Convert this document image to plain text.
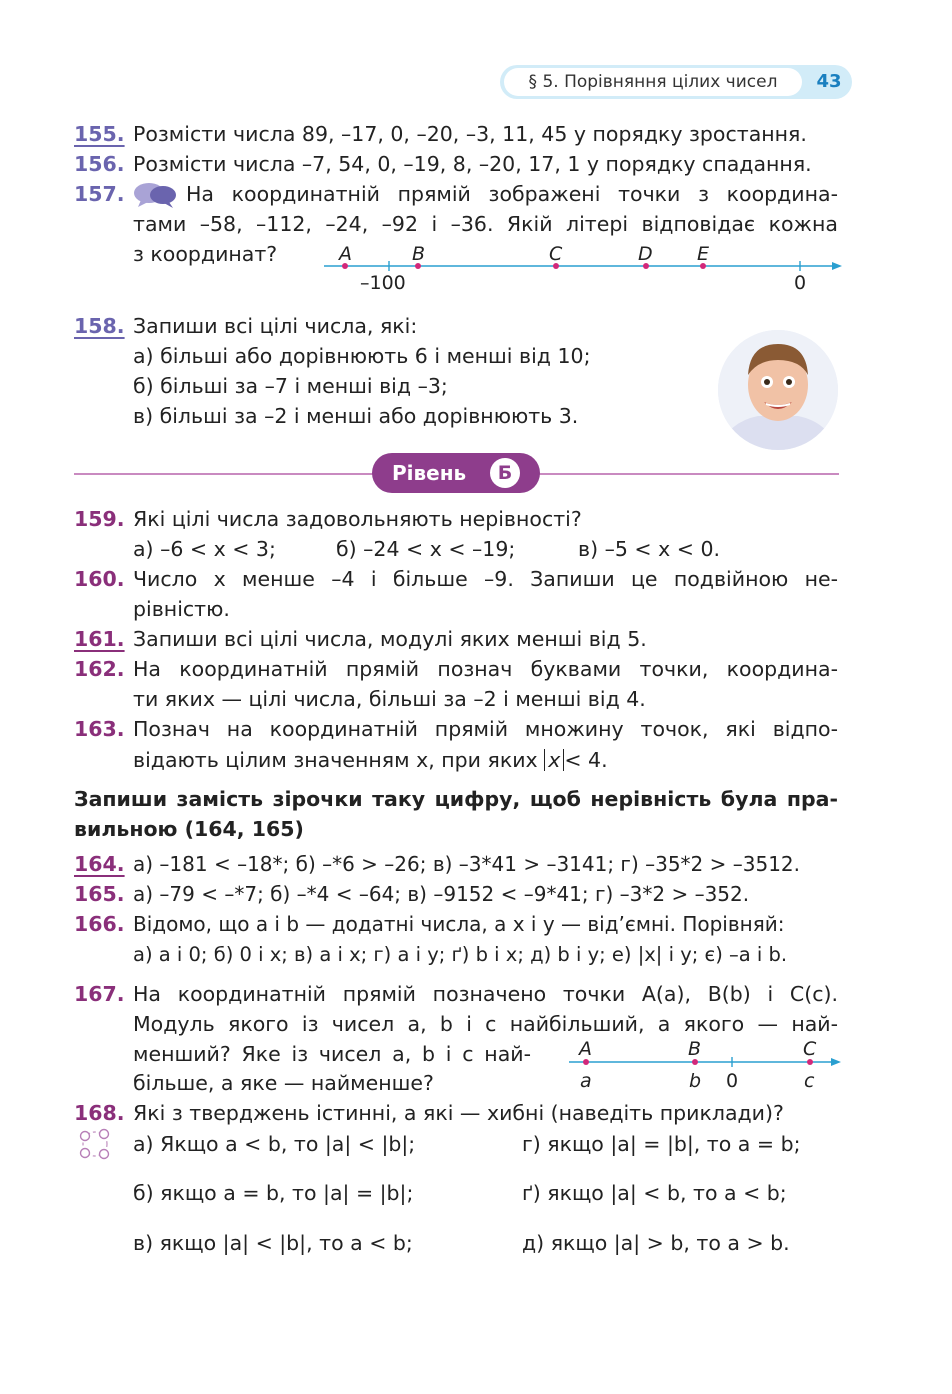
§ 5. Порівняння цілих чисел	43
155. Розмісти числа 89, –17, 0, –20, –3, 11, 45 у порядку зростання.
156. Розмісти числа –7, 54, 0, –19, 8, –20, 17, 1 у порядку спадання.
157.	На координатній прямій зображені точки з координа-
тами –58, –112, –24, –92 і –36. Якій літері відповідає кожна
з координат?	A	B	C	D E
–100	0
158. Запиши всі цілі числа, які:
а) більші або дорівнюють 6 і менші від 10;
б) більші за –7 і менші від –3;
в) більші за –2 і менші або дорівнюють 3.
Рівень	Б
159. Які цілі числа задовольняють нерівності?
а) –6 < x < 3;	б) –24 < x < –19;	в) –5 < x < 0.
160. Число x менше –4 і більше –9. Запиши це подвійною не-
рівністю.
161. Запиши всі цілі числа, модулі яких менші від 5.
162. На координатній прямій познач буквами точки, координа-
ти яких — цілі числа, більші за –2 і менші від 4.
163. Познач на координатній прямій множину точок, які відпо-
відають цілим значенням x, при яких x < 4.
Запиши замість зірочки таку цифру, щоб нерівність була пра-
вильною (164, 165)
164. а) –181 < –18*; б) –*6 > –26; в) –3*41 > –3141; г) –35*2 > –3512.
165. а) –79 < –*7; б) –*4 < –64; в) –9152 < –9*41; г) –3*2 > –352.
166. Відомо, що a і b — додатні числа, а x і y — від’ємні. Порівняй:
а) a і 0; б) 0 і x; в) a і x; г) a і y; ґ) b і x; д) b і y; е) |x| і y; є) –a і b.
167. На координатній прямій позначено точки A(a), B(b) і C(c).
Модуль якого із чисел a, b і c найбільший, а якого — най-
менший? Яке із чисел a, b і c най-
більше, а яке — найменше?
A	B	C
a	b 0	c
168. Які з тверджень істинні, а які — хибні (наведіть приклади)?
а) Якщо a < b, то |a| < |b|;
б) якщо a = b, то |a| = |b|;
в) якщо |a| < |b|, то a < b;
г) якщо |a| = |b|, то a = b;
ґ) якщо |a| < b, то a < b;
д) якщо |a| > b, то a > b.
